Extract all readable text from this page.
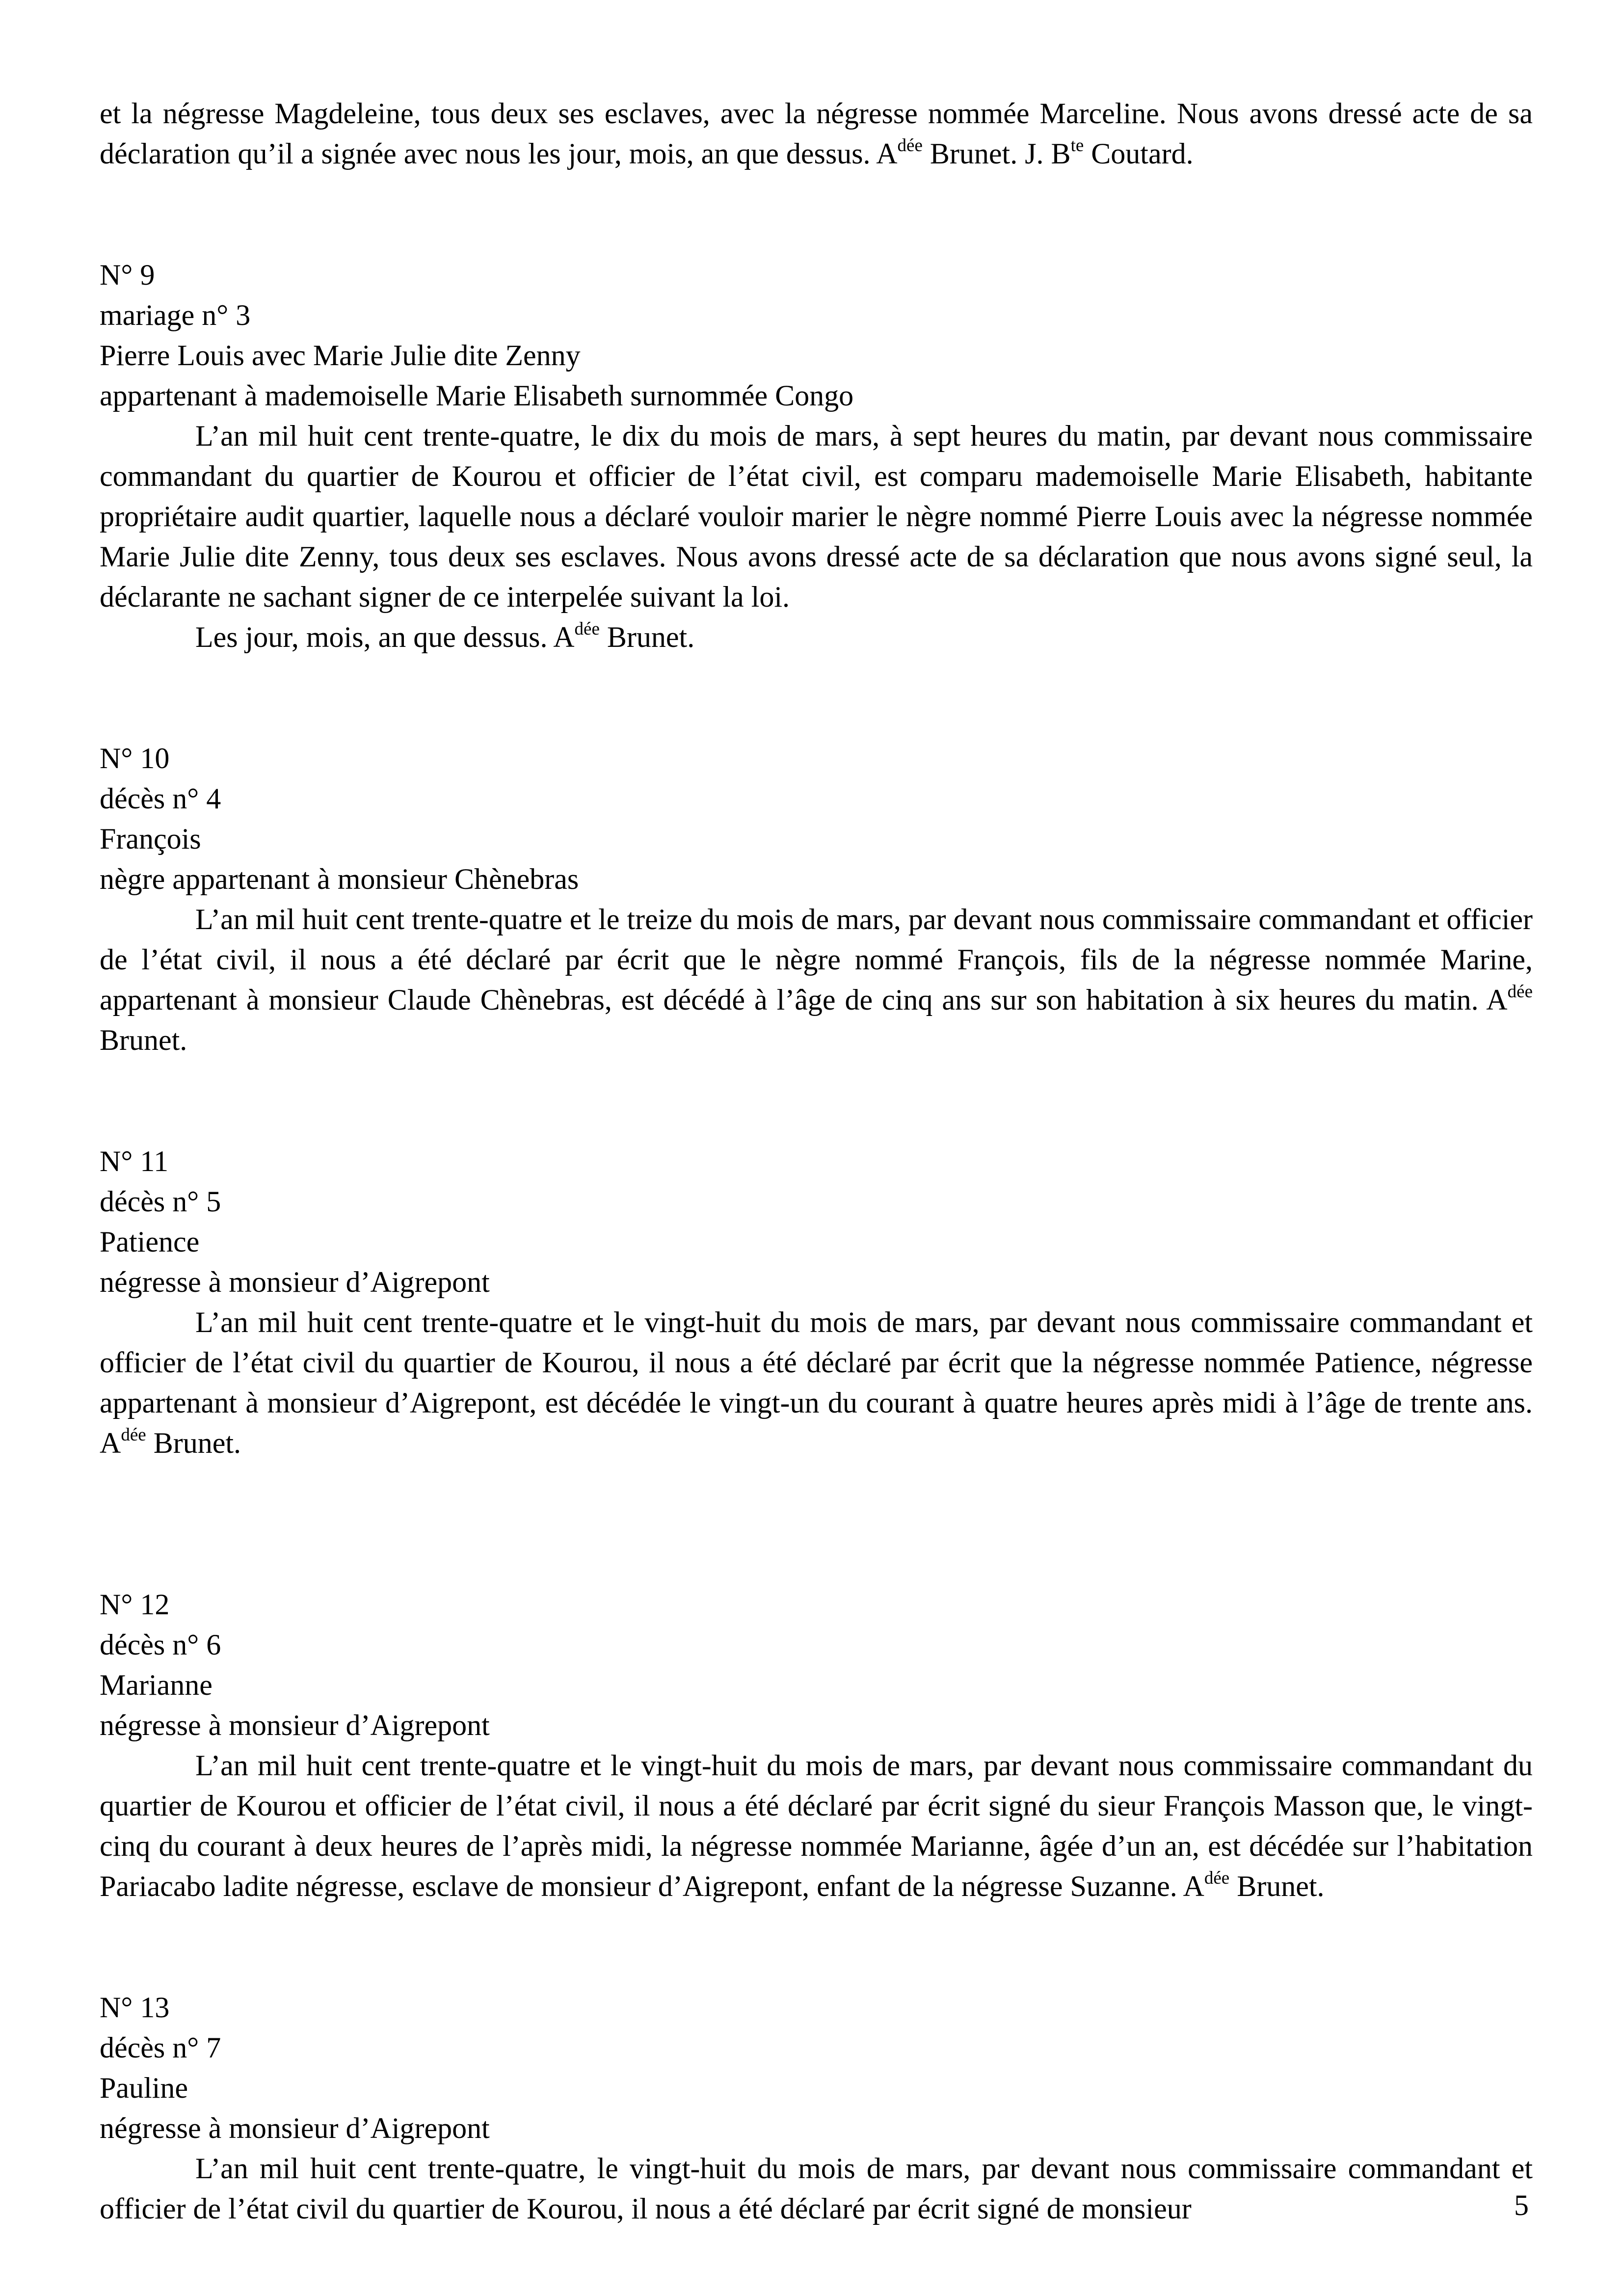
et la négresse Magdeleine, tous deux ses esclaves, avec la négresse nommée Marceline. Nous avons dressé acte de sa déclaration qu’il a signée avec nous les jour, mois, an que dessus. $A^{dée}$ Brunet. J. $B^{te}$ Coutard.

N° 9

mariage n° 3

Pierre Louis avec Marie Julie dite Zenny

appartenant à mademoiselle Marie Elisabeth surnommée Congo

L’an mil huit cent trente-quatre, le dix du mois de mars, à sept heures du matin, par devant nous commissaire commandant du quartier de Kourou et officier de l’état civil, est comparu mademoiselle Marie Elisabeth, habitante propriétaire audit quartier, laquelle nous a déclaré vouloir marier le nègre nommé Pierre Louis avec la négresse nommée Marie Julie dite Zenny, tous deux ses esclaves. Nous avons dressé acte de sa déclaration que nous avons signé seul, la déclarante ne sachant signer de ce interpelée suivant la loi.

Les jour, mois, an que dessus. $A^{dée}$ Brunet.

N° 10

décès n° 4

François

nègre appartenant à monsieur Chènebras

L’an mil huit cent trente-quatre et le treize du mois de mars, par devant nous commissaire commandant et officier de l’état civil, il nous a été déclaré par écrit que le nègre nommé François, fils de la négresse nommée Marine, appartenant à monsieur Claude Chènebras, est décédé à l’âge de cinq ans sur son habitation à six heures du matin. $A^{dée}$ Brunet.

N° 11

décès n° 5

Patience

négresse à monsieur d’Aigrepont

L’an mil huit cent trente-quatre et le vingt-huit du mois de mars, par devant nous commissaire commandant et officier de l’état civil du quartier de Kourou, il nous a été déclaré par écrit que la négresse nommée Patience, négresse appartenant à monsieur d’Aigrepont, est décédée le vingt-un du courant à quatre heures après midi à l’âge de trente ans. $A^{dée}$ Brunet.

N° 12

décès n° 6

Marianne

négresse à monsieur d’Aigrepont

L’an mil huit cent trente-quatre et le vingt-huit du mois de mars, par devant nous commissaire commandant du quartier de Kourou et officier de l’état civil, il nous a été déclaré par écrit signé du sieur François Masson que, le vingt-cinq du courant à deux heures de l’après midi, la négresse nommée Marianne, âgée d’un an, est décédée sur l’habitation Pariacabo ladite négresse, esclave de monsieur d’Aigrepont, enfant de la négresse Suzanne. $A^{dée}$ Brunet.

N° 13

décès n° 7

Pauline

négresse à monsieur d’Aigrepont

L’an mil huit cent trente-quatre, le vingt-huit du mois de mars, par devant nous commissaire commandant et officier de l’état civil du quartier de Kourou, il nous a été déclaré par écrit signé de monsieur	5
